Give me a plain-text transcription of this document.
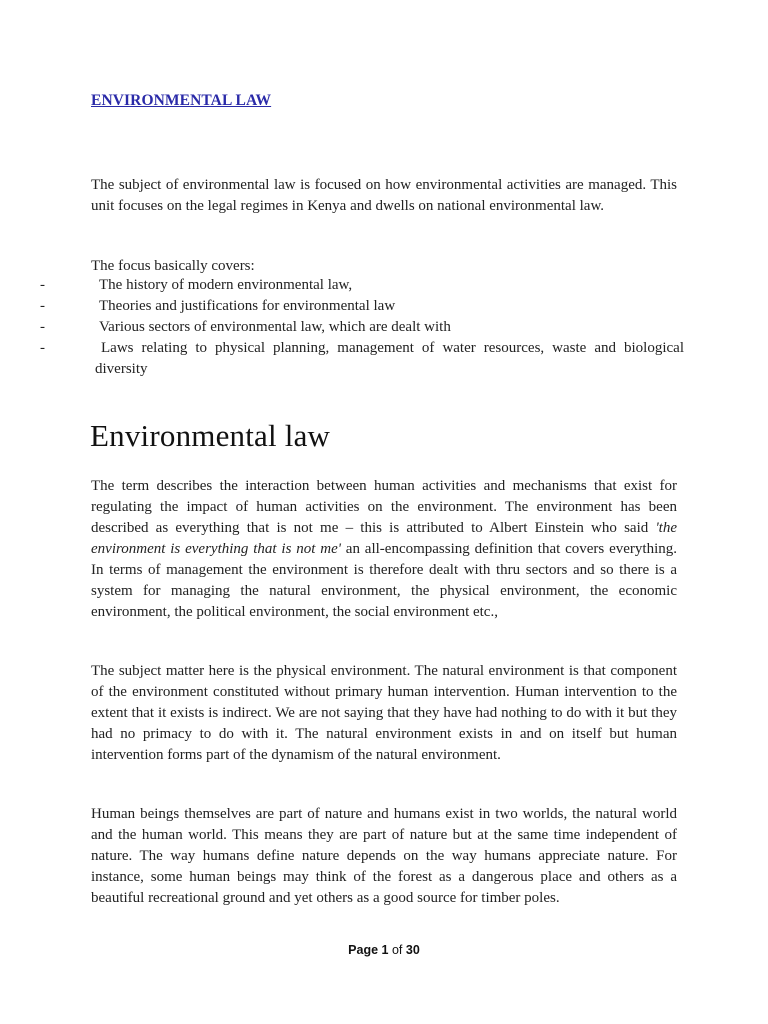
ENVIRONMENTAL LAW

The subject of environmental law is focused on how environmental activities are managed. This unit focuses on the legal regimes in Kenya and dwells on national environmental law.

The focus basically covers:

-	The history of modern environmental law,
-	Theories and justifications for environmental law
-	Various sectors of environmental law, which are dealt with
-	Laws relating to physical planning, management of water resources, waste and biological diversity
Environmental law

The term describes the interaction between human activities and mechanisms that exist for regulating the impact of human activities on the environment. The environment has been described as everything that is not me – this is attributed to Albert Einstein who said 'the environment is everything that is not me' an all-encompassing definition that covers everything. In terms of management the environment is therefore dealt with thru sectors and so there is a system for managing the natural environment, the physical environment, the economic environment, the political environment, the social environment etc.,

The subject matter here is the physical environment. The natural environment is that component of the environment constituted without primary human intervention. Human intervention to the extent that it exists is indirect. We are not saying that they have had nothing to do with it but they had no primacy to do with it. The natural environment exists in and on itself but human intervention forms part of the dynamism of the natural environment.

Human beings themselves are part of nature and humans exist in two worlds, the natural world and the human world. This means they are part of nature but at the same time independent of nature. The way humans define nature depends on the way humans appreciate nature. For instance, some human beings may think of the forest as a dangerous place and others as a beautiful recreational ground and yet others as a good source for timber poles.

Page 1 of 30
